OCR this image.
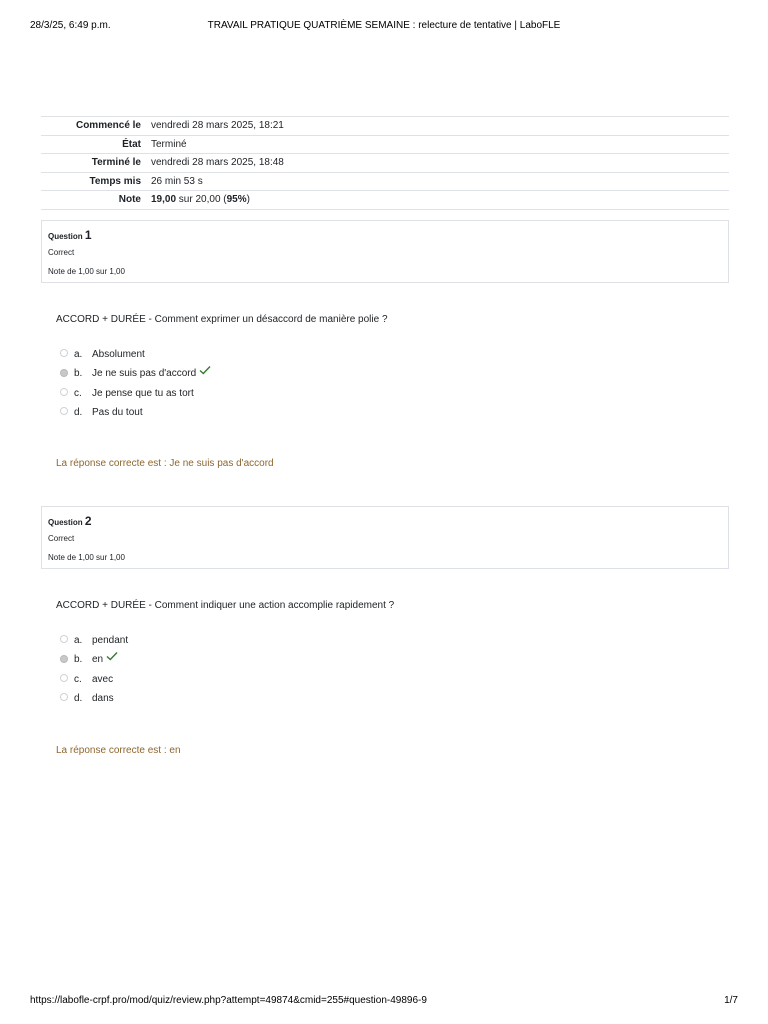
28/3/25, 6:49 p.m.	TRAVAIL PRATIQUE QUATRIÈME SEMAINE : relecture de tentative | LaboFLE
Commencé le	vendredi 28 mars 2025, 18:21
État	Terminé
Terminé le	vendredi 28 mars 2025, 18:48
Temps mis	26 min 53 s
Note	19,00 sur 20,00 (95%)
Question 1
Correct
Note de 1,00 sur 1,00
ACCORD + DURÉE - Comment exprimer un désaccord de manière polie ?
a. Absolument
b. Je ne suis pas d'accord
c. Je pense que tu as tort
d. Pas du tout
La réponse correcte est : Je ne suis pas d'accord
Question 2
Correct
Note de 1,00 sur 1,00
ACCORD + DURÉE - Comment indiquer une action accomplie rapidement ?
a. pendant
b. en
c. avec
d. dans
La réponse correcte est : en
https://labofle-crpf.pro/mod/quiz/review.php?attempt=49874&cmid=255#question-49896-9	1/7
